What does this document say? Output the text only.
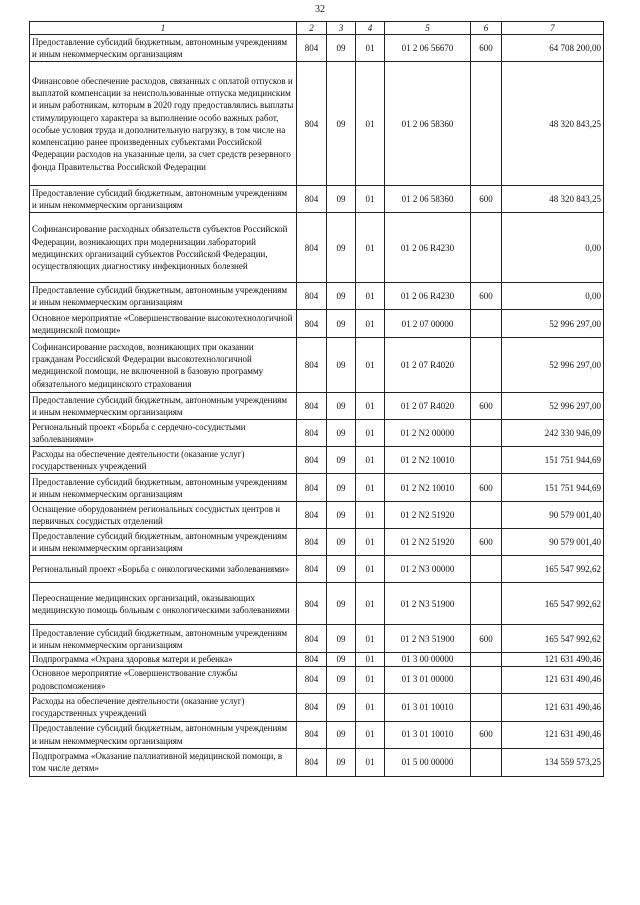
32
1	2	3	4	5	6	7
Предоставление субсидий бюджетным, автономным учреждениям и иным некоммерческим организациям	804	09	01	01 2 06 56670	600	64 708 200,00
Финансовое обеспечение расходов, связанных с оплатой отпусков и выплатой компенсации за неиспользованные отпуска медицинским и иным работникам, которым в 2020 году предоставлялись выплаты стимулирующего характера за выполнение особо важных работ, особые условия труда и дополнительную нагрузку, в том числе на компенсацию ранее произведенных субъектами Российской Федерации расходов на указанные цели, за счет средств резервного фонда Правительства Российской Федерации	804	09	01	01 2 06 58360		48 320 843,25
Предоставление субсидий бюджетным, автономным учреждениям и иным некоммерческим организациям	804	09	01	01 2 06 58360	600	48 320 843,25
Софинансирование расходных обязательств субъектов Российской Федерации, возникающих при модернизации лабораторий медицинских организаций субъектов Российской Федерации, осуществляющих диагностику инфекционных болезней	804	09	01	01 2 06 R4230		0,00
Предоставление субсидий бюджетным, автономным учреждениям и иным некоммерческим организациям	804	09	01	01 2 06 R4230	600	0,00
Основное мероприятие «Совершенствование высокотехнологичной медицинской помощи»	804	09	01	01 2 07 00000		52 996 297,00
Софинансирование расходов, возникающих при оказании гражданам Российской Федерации высокотехнологичной медицинской помощи, не включенной в базовую программу обязательного медицинского страхования	804	09	01	01 2 07 R4020		52 996 297,00
Предоставление субсидий бюджетным, автономным учреждениям и иным некоммерческим организациям	804	09	01	01 2 07 R4020	600	52 996 297,00
Региональный проект «Борьба с сердечно-сосудистыми заболеваниями»	804	09	01	01 2 N2 00000		242 330 946,09
Расходы на обеспечение деятельности (оказание услуг) государственных учреждений	804	09	01	01 2 N2 10010		151 751 944,69
Предоставление субсидий бюджетным, автономным учреждениям и иным некоммерческим организациям	804	09	01	01 2 N2 10010	600	151 751 944,69
Оснащение оборудованием региональных сосудистых центров и первичных сосудистых отделений	804	09	01	01 2 N2 51920		90 579 001,40
Предоставление субсидий бюджетным, автономным учреждениям и иным некоммерческим организациям	804	09	01	01 2 N2 51920	600	90 579 001,40
Региональный проект «Борьба с онкологическими заболеваниями»	804	09	01	01 2 N3 00000		165 547 992,62
Переоснащение медицинских организаций, оказывающих медицинскую помощь больным с онкологическими заболеваниями	804	09	01	01 2 N3 51900		165 547 992,62
Предоставление субсидий бюджетным, автономным учреждениям и иным некоммерческим организациям	804	09	01	01 2 N3 51900	600	165 547 992,62
Подпрограмма «Охрана здоровья матери и ребенка»	804	09	01	01 3 00 00000		121 631 490,46
Основное мероприятие «Совершенствование службы родовспоможения»	804	09	01	01 3 01 00000		121 631 490,46
Расходы на обеспечение деятельности (оказание услуг) государственных учреждений	804	09	01	01 3 01 10010		121 631 490,46
Предоставление субсидий бюджетным, автономным учреждениям и иным некоммерческим организациям	804	09	01	01 3 01 10010	600	121 631 490,46
Подпрограмма «Оказание паллиативной медицинской помощи, в том числе детям»	804	09	01	01 5 00 00000		134 559 573,25
